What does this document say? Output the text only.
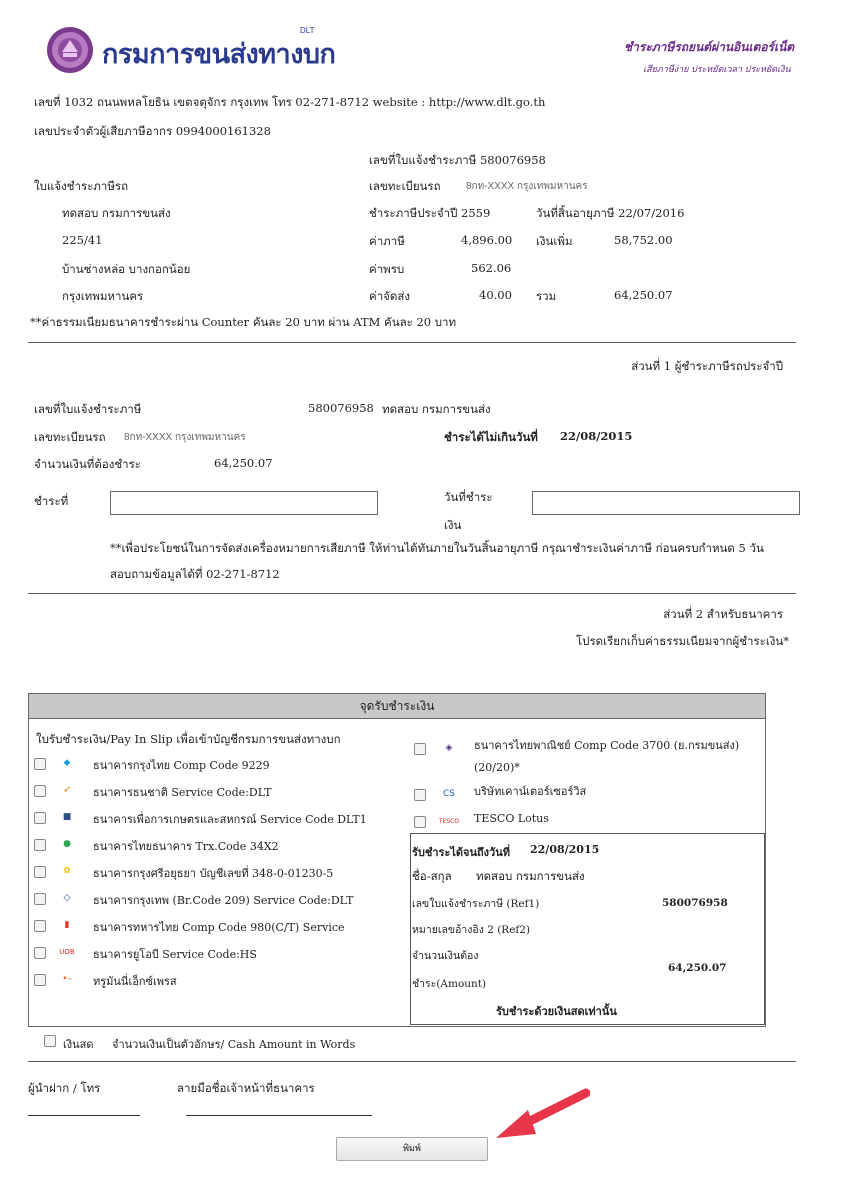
กรมการขนส่งทางบก
DLT
ชำระภาษีรถยนต์ผ่านอินเตอร์เน็ต
เสียภาษีง่าย ประหยัดเวลา ประหยัดเงิน
เลขที่ 1032 ถนนพหลโยธิน เขตจตุจักร กรุงเทพ โทร 02-271-8712 website : http://www.dlt.go.th
เลขประจำตัวผู้เสียภาษีอากร 0994000161328
เลขที่ใบแจ้งชำระภาษี 580076958
ใบแจ้งชำระภาษีรถ	เลขทะเบียนรถ	8กท-XXXX กรุงเทพมหานคร
ทดสอบ กรมการขนส่ง	ชำระภาษีประจำปี 2559	วันที่สิ้นอายุภาษี 22/07/2016
225/41	ค่าภาษี	4,896.00 เงินเพิ่ม	58,752.00
บ้านช่างหล่อ บางกอกน้อย	ค่าพรบ	562.06
กรุงเทพมหานคร	ค่าจัดส่ง	40.00 รวม	64,250.07
**ค่าธรรมเนียมธนาคารชำระผ่าน Counter คันละ 20 บาท ผ่าน ATM คันละ 20 บาท
ส่วนที่ 1 ผู้ชำระภาษีรถประจำปี
เลขที่ใบแจ้งชำระภาษี	580076958 ทดสอบ กรมการขนส่ง
เลขทะเบียนรถ 8กท-XXXX กรุงเทพมหานคร	ชำระได้ไม่เกินวันที่ 22/08/2015
จำนวนเงินที่ต้องชำระ	64,250.07
ชำระที่	วันที่ชำระ
เงิน
**เพื่อประโยชน์ในการจัดส่งเครื่องหมายการเสียภาษี ให้ท่านได้ทันภายในวันสิ้นอายุภาษี กรุณาชำระเงินค่าภาษี ก่อนครบกำหนด 5 วัน
สอบถามข้อมูลได้ที่ 02-271-8712
ส่วนที่ 2 สำหรับธนาคาร
โปรดเรียกเก็บค่าธรรมเนียมจากผู้ชำระเงิน*
จุดรับชำระเงิน
ใบรับชำระเงิน/Pay In Slip เพื่อเข้าบัญชีกรมการขนส่งทางบก
◆	ธนาคารกรุงไทย Comp Code 9229
➶	ธนาคารธนชาติ Service Code:DLT
■	ธนาคารเพื่อการเกษตรและสหกรณ์ Service Code DLT1
●	ธนาคารไทยธนาคาร Trx.Code 34X2
✿	ธนาคารกรุงศรีอยุธยา บัญชีเลขที่ 348-0-01230-5
◇	ธนาคารกรุงเทพ (Br.Code 209) Service Code:DLT
▮	ธนาคารทหารไทย Comp Code 980(C/T) Service
UOB ธนาคารยูโอบี Service Code:HS
•–	ทรูมันนี่เอ็กซ์เพรส
◈	ธนาคารไทยพาณิชย์ Comp Code 3700 (ย.กรมขนส่ง)
(20/20)*
CS บริษัทเคาน์เตอร์เซอร์วิส
TESCO TESCO Lotus
รับชำระได้จนถึงวันที่ 22/08/2015
ชื่อ-สกุล ทดสอบ กรมการขนส่ง
เลขใบแจ้งชำระภาษี (Ref1)	580076958
หมายเลขอ้างอิง 2 (Ref2)
จำนวนเงินต้อง
ชำระ(Amount)
64,250.07
รับชำระด้วยเงินสดเท่านั้น
เงินสด จำนวนเงินเป็นตัวอักษร/ Cash Amount in Words
ผู้นำฝาก / โทร	ลายมือชื่อเจ้าหน้าที่ธนาคาร
พิมพ์
